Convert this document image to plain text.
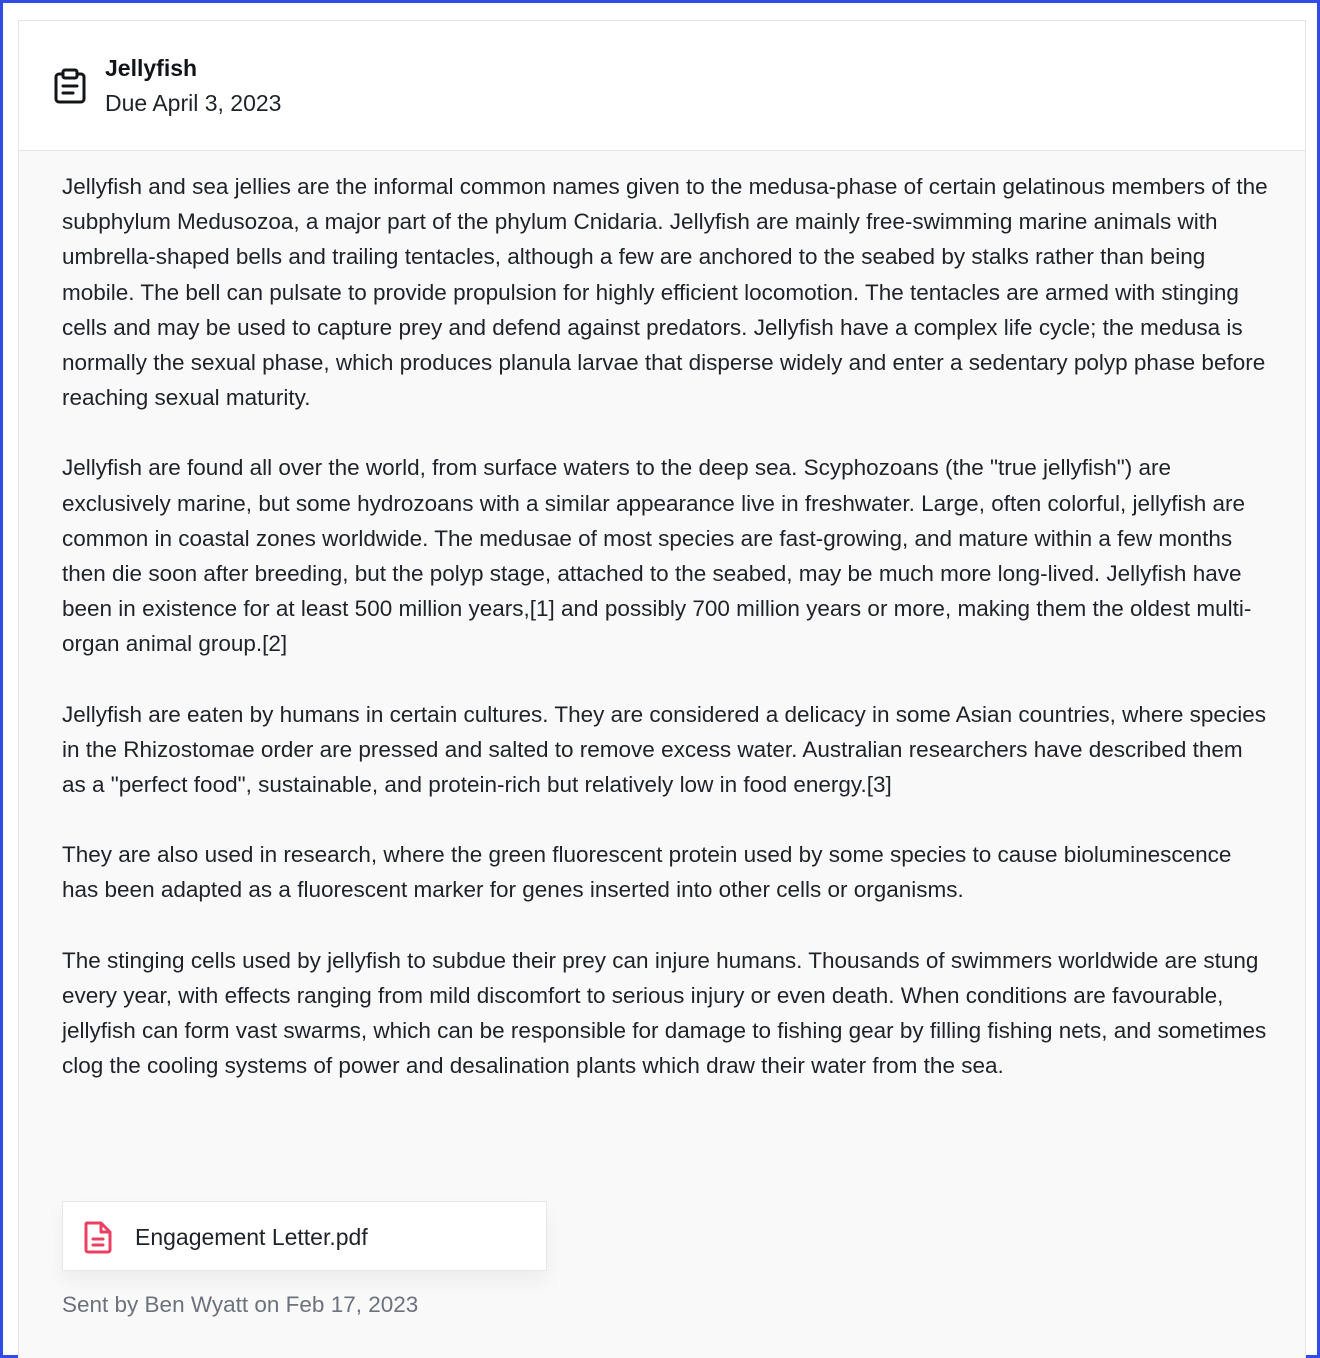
Jellyfish
Due April 3, 2023

Jellyfish and sea jellies are the informal common names given to the medusa-phase of certain gelatinous members of the subphylum Medusozoa, a major part of the phylum Cnidaria. Jellyfish are mainly free-swimming marine animals with umbrella-shaped bells and trailing tentacles, although a few are anchored to the seabed by stalks rather than being mobile. The bell can pulsate to provide propulsion for highly efficient locomotion. The tentacles are armed with stinging cells and may be used to capture prey and defend against predators. Jellyfish have a complex life cycle; the medusa is normally the sexual phase, which produces planula larvae that disperse widely and enter a sedentary polyp phase before reaching sexual maturity.

Jellyfish are found all over the world, from surface waters to the deep sea. Scyphozoans (the "true jellyfish") are exclusively marine, but some hydrozoans with a similar appearance live in freshwater. Large, often colorful, jellyfish are common in coastal zones worldwide. The medusae of most species are fast-growing, and mature within a few months then die soon after breeding, but the polyp stage, attached to the seabed, may be much more long-lived. Jellyfish have been in existence for at least 500 million years,[1] and possibly 700 million years or more, making them the oldest multi-organ animal group.[2]

Jellyfish are eaten by humans in certain cultures. They are considered a delicacy in some Asian countries, where species in the Rhizostomae order are pressed and salted to remove excess water. Australian researchers have described them as a "perfect food", sustainable, and protein-rich but relatively low in food energy.[3]

They are also used in research, where the green fluorescent protein used by some species to cause bioluminescence has been adapted as a fluorescent marker for genes inserted into other cells or organisms.

The stinging cells used by jellyfish to subdue their prey can injure humans. Thousands of swimmers worldwide are stung every year, with effects ranging from mild discomfort to serious injury or even death. When conditions are favourable, jellyfish can form vast swarms, which can be responsible for damage to fishing gear by filling fishing nets, and sometimes clog the cooling systems of power and desalination plants which draw their water from the sea.

Engagement Letter.pdf
Sent by Ben Wyatt on Feb 17, 2023
